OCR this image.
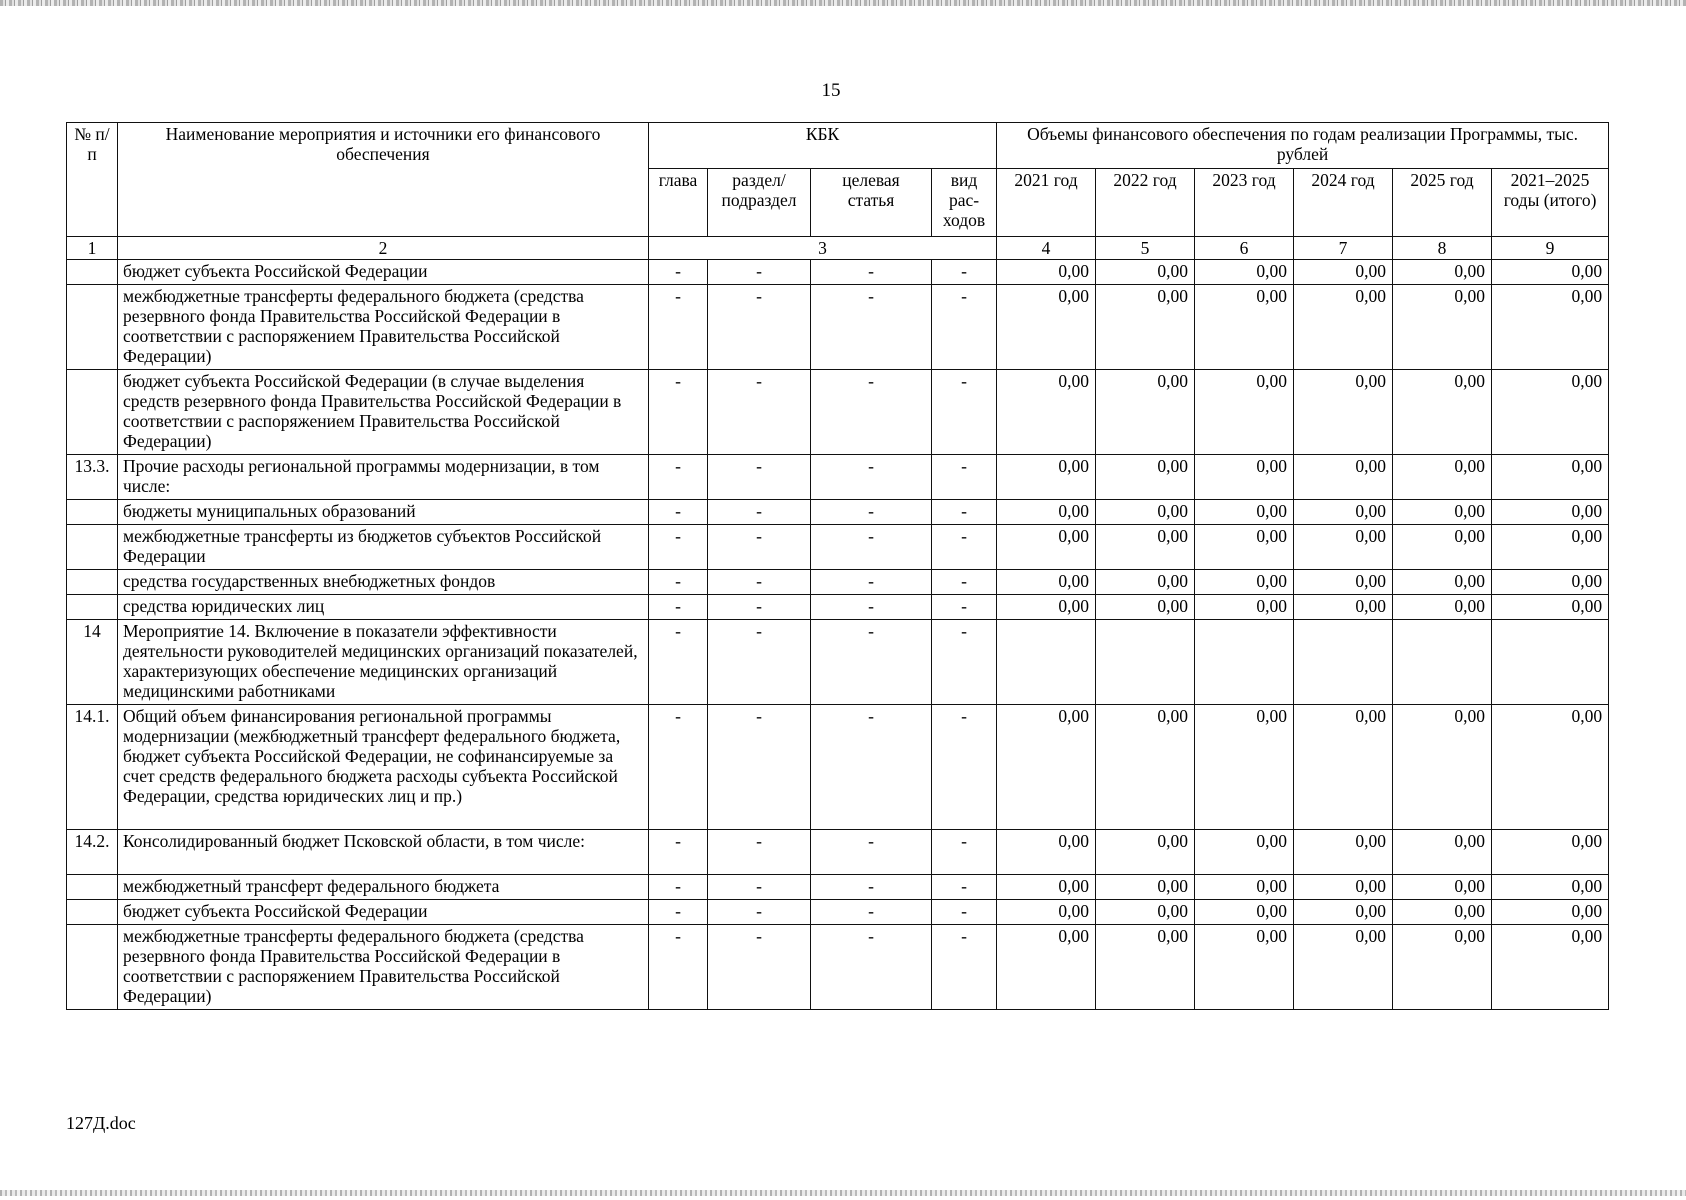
15
№ п/п	Наименование мероприятия и источники его финансового обеспечения	КБК				Объемы финансового обеспечения по годам реализации Программы, тыс. рублей					
		глава	раздел/ подраздел	целевая статья	вид рас- ходов	2021 год	2022 год	2023 год	2024 год	2025 год	2021–2025 годы (итого)
1	2	3				4	5	6	7	8	9
	бюджет субъекта Российской Федерации	-	-	-	-	0,00	0,00	0,00	0,00	0,00	0,00
	межбюджетные трансферты федерального бюджета (средства резервного фонда Правительства Российской Федерации в соответствии с распоряжением Правительства Российской Федерации)	-	-	-	-	0,00	0,00	0,00	0,00	0,00	0,00
	бюджет субъекта Российской Федерации (в случае выделения средств резервного фонда Правительства Российской Федерации в соответствии с распоряжением Правительства Российской Федерации)	-	-	-	-	0,00	0,00	0,00	0,00	0,00	0,00
13.3.	Прочие расходы региональной программы модернизации, в том числе:	-	-	-	-	0,00	0,00	0,00	0,00	0,00	0,00
	бюджеты муниципальных образований	-	-	-	-	0,00	0,00	0,00	0,00	0,00	0,00
	межбюджетные трансферты из бюджетов субъектов Российской Федерации	-	-	-	-	0,00	0,00	0,00	0,00	0,00	0,00
	средства государственных внебюджетных фондов	-	-	-	-	0,00	0,00	0,00	0,00	0,00	0,00
	средства юридических лиц	-	-	-	-	0,00	0,00	0,00	0,00	0,00	0,00
14	Мероприятие 14. Включение в показатели эффективности деятельности руководителей медицинских организаций показателей, характеризующих обеспечение медицинских организаций медицинскими работниками	-	-	-	-						
14.1.	Общий объем финансирования региональной программы модернизации (межбюджетный трансферт федерального бюджета, бюджет субъекта Российской Федерации, не софинансируемые за счет средств федерального бюджета расходы субъекта Российской Федерации, средства юридических лиц и пр.)	-	-	-	-	0,00	0,00	0,00	0,00	0,00	0,00
14.2.	Консолидированный бюджет Псковской области, в том числе:	-	-	-	-	0,00	0,00	0,00	0,00	0,00	0,00
	межбюджетный трансферт федерального бюджета	-	-	-	-	0,00	0,00	0,00	0,00	0,00	0,00
	бюджет субъекта Российской Федерации	-	-	-	-	0,00	0,00	0,00	0,00	0,00	0,00
	межбюджетные трансферты федерального бюджета (средства резервного фонда Правительства Российской Федерации в соответствии с распоряжением Правительства Российской Федерации)	-	-	-	-	0,00	0,00	0,00	0,00	0,00	0,00
127Д.doc
